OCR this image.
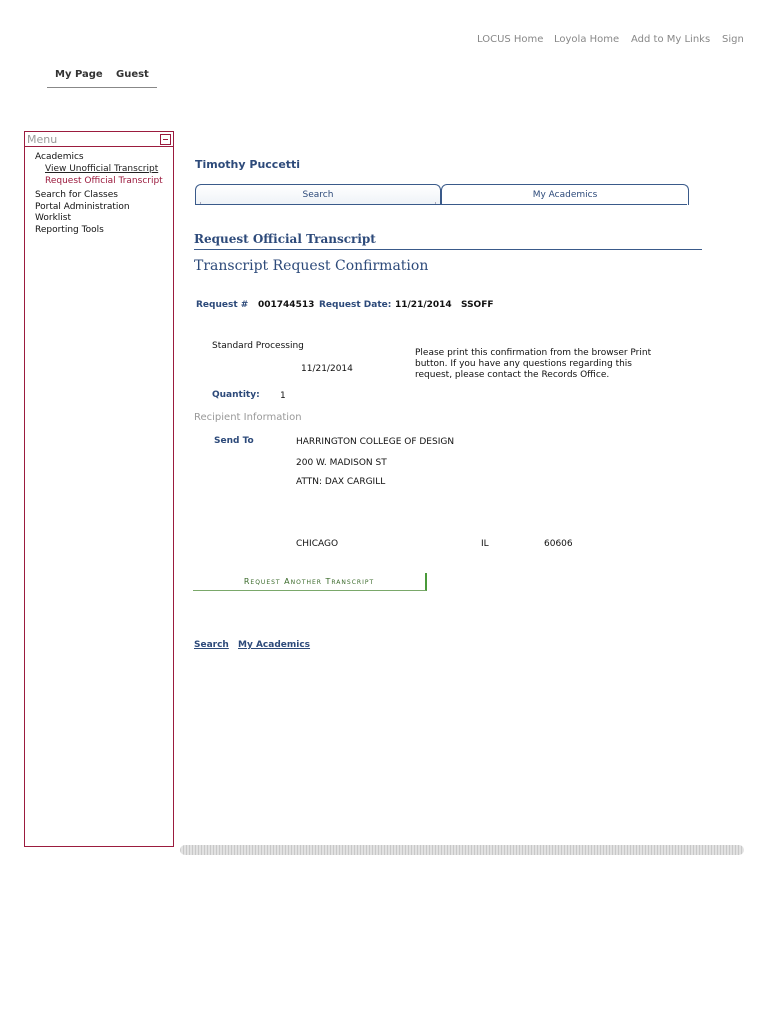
LOCUS Home Loyola Home Add to My Links Sign
My Page Guest
Menu
Academics
View Unofficial Transcript
Request Official Transcript
Search for Classes
Portal Administration
Worklist
Reporting Tools
Timothy Puccetti
Search	My Academics
Request Official Transcript
Transcript Request Confirmation
Request # 001744513 Request Date: 11/21/2014 SSOFF
Standard Processing
11/21/2014
Please print this confirmation from the browser Print button. If you have any questions regarding this request, please contact the Records Office.
Quantity: 1
Recipient Information
Send To	HARRINGTON COLLEGE OF DESIGN
200 W. MADISON ST
ATTN: DAX CARGILL
CHICAGO	IL	60606
Request Another Transcript
Search My Academics
